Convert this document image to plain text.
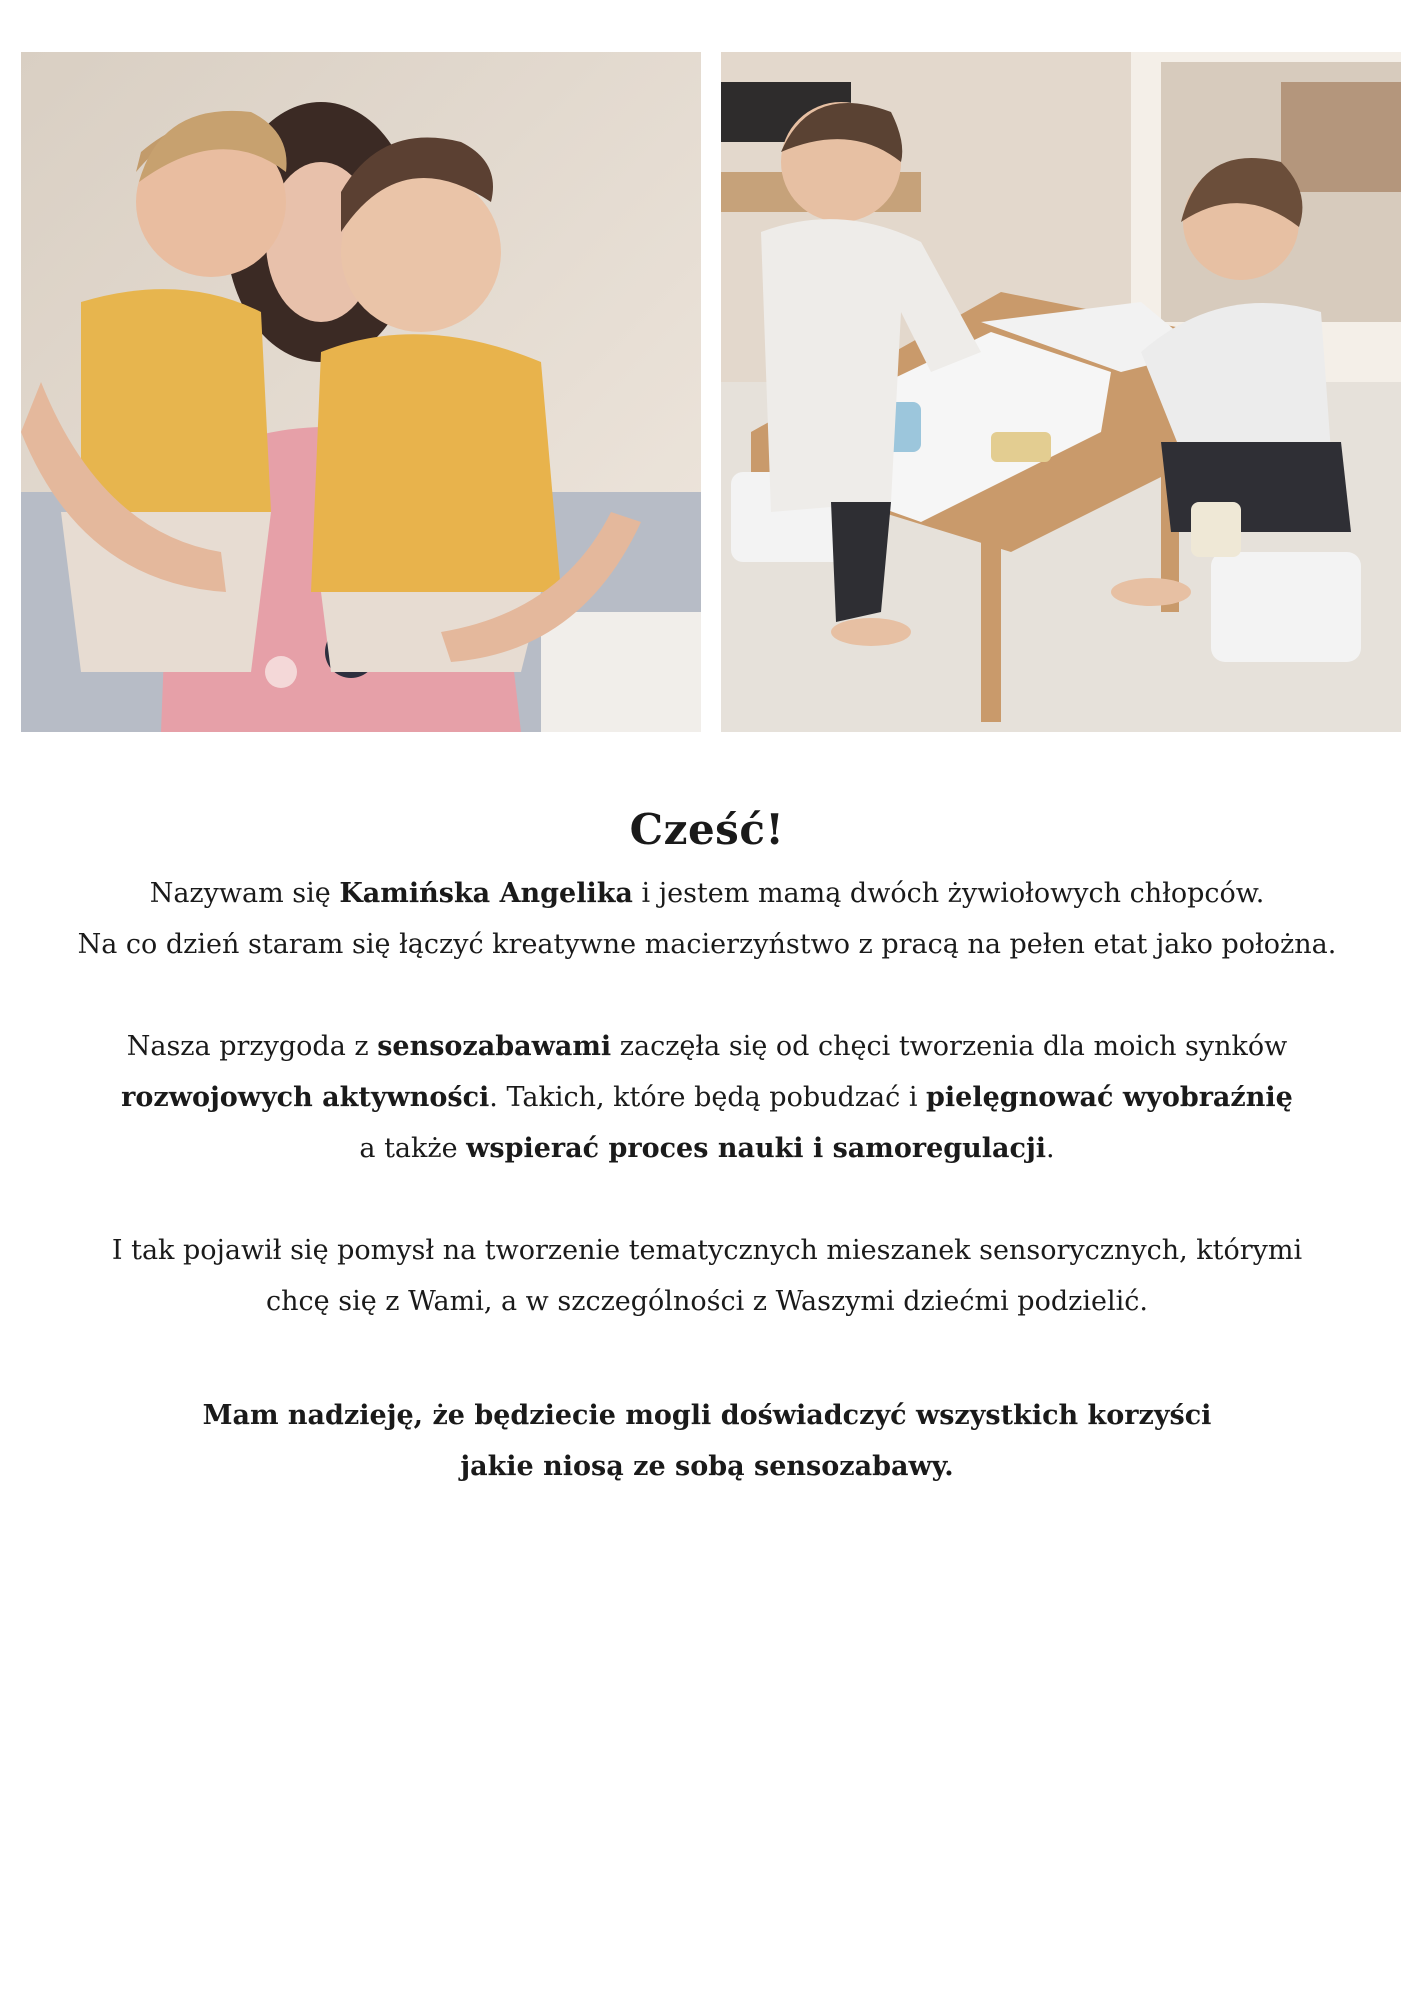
Cześć!
Nazywam się Kamińska Angelika i jestem mamą dwóch żywiołowych chłopców.
Na co dzień staram się łączyć kreatywne macierzyństwo z pracą na pełen etat jako położna.
Nasza przygoda z sensozabawami zaczęła się od chęci tworzenia dla moich synków
rozwojowych aktywności. Takich, które będą pobudzać i pielęgnować wyobraźnię
a także wspierać proces nauki i samoregulacji.
I tak pojawił się pomysł na tworzenie tematycznych mieszanek sensorycznych, którymi
chcę się z Wami, a w szczególności z Waszymi dziećmi podzielić.
Mam nadzieję, że będziecie mogli doświadczyć wszystkich korzyści
jakie niosą ze sobą sensozabawy.
